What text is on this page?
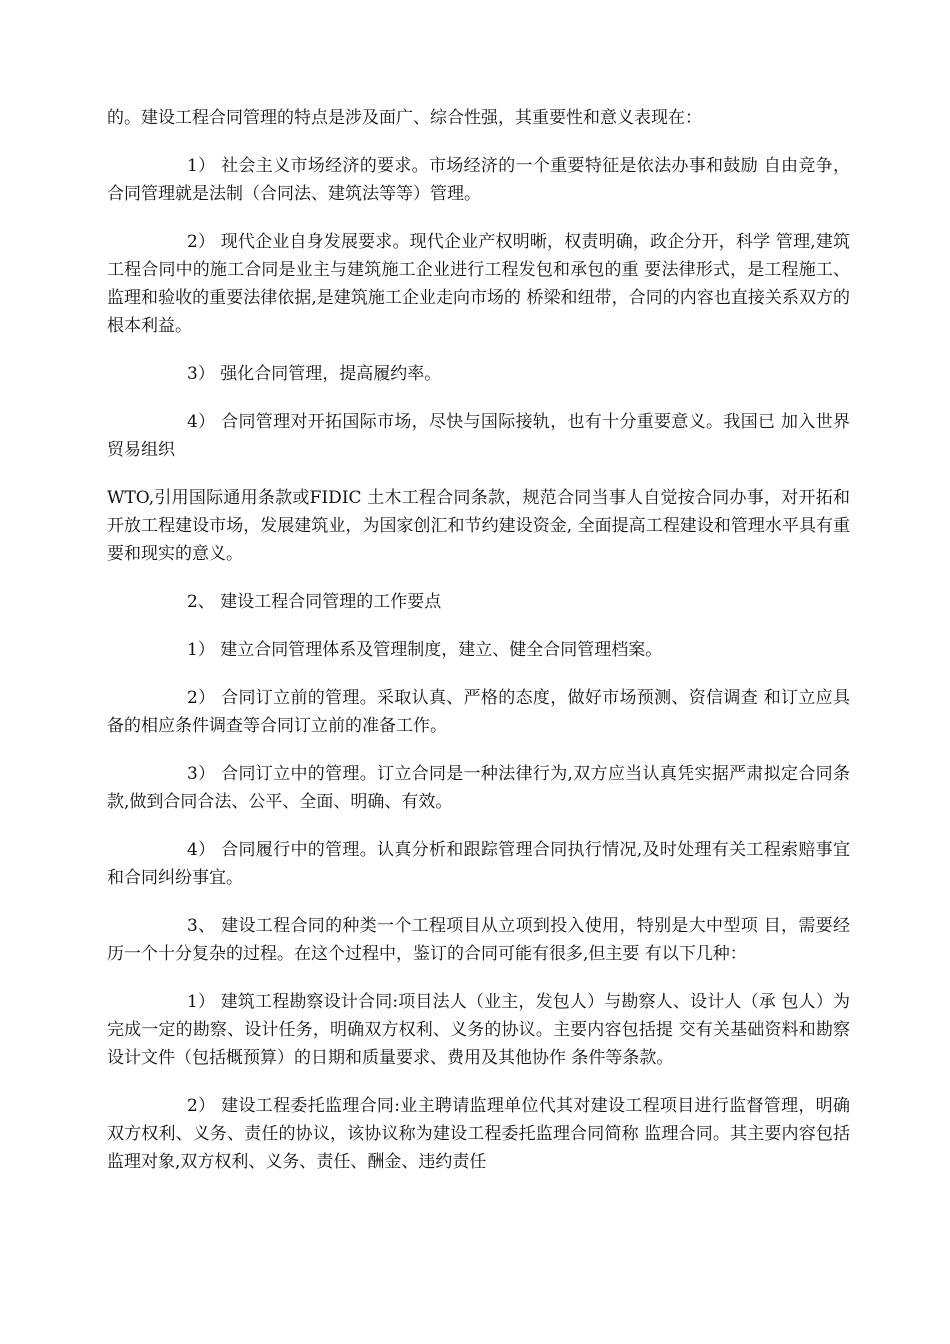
的。建设工程合同管理的特点是涉及面广、综合性强，其重要性和意义表现在：

1） 社会主义市场经济的要求。市场经济的一个重要特征是依法办事和鼓励 自由竞争，合同管理就是法制（合同法、建筑法等等）管理。

2） 现代企业自身发展要求。现代企业产权明晰，权责明确，政企分开，科学 管理,建筑工程合同中的施工合同是业主与建筑施工企业进行工程发包和承包的重 要法律形式，是工程施工、监理和验收的重要法律依据,是建筑施工企业走向市场的 桥梁和纽带，合同的内容也直接关系双方的根本利益。

3） 强化合同管理，提高履约率。

4） 合同管理对开拓国际市场，尽快与国际接轨，也有十分重要意义。我国已 加入世界贸易组织

WTO,引用国际通用条款或FIDIC 土木工程合同条款，规范合同当事人自觉按合同办事，对开拓和开放工程建设市场，发展建筑业，为国家创汇和节约建设资金, 全面提高工程建设和管理水平具有重要和现实的意义。

2、 建设工程合同管理的工作要点

1） 建立合同管理体系及管理制度，建立、健全合同管理档案。

2） 合同订立前的管理。采取认真、严格的态度，做好市场预测、资信调查 和订立应具备的相应条件调查等合同订立前的准备工作。

3） 合同订立中的管理。订立合同是一种法律行为,双方应当认真凭实据严肃拟定合同条款,做到合同合法、公平、全面、明确、有效。

4） 合同履行中的管理。认真分析和跟踪管理合同执行情况,及时处理有关工程索赔事宜和合同纠纷事宜。

3、 建设工程合同的种类一个工程项目从立项到投入使用，特别是大中型项 目，需要经历一个十分复杂的过程。在这个过程中，鉴订的合同可能有很多,但主要 有以下几种：

1） 建筑工程勘察设计合同:项目法人（业主，发包人）与勘察人、设计人（承 包人）为完成一定的勘察、设计任务，明确双方权利、义务的协议。主要内容包括提 交有关基础资料和勘察设计文件（包括概预算）的日期和质量要求、费用及其他协作 条件等条款。

2） 建设工程委托监理合同:业主聘请监理单位代其对建设工程项目进行监督管理，明确双方权利、义务、责任的协议，该协议称为建设工程委托监理合同简称 监理合同。其主要内容包括监理对象,双方权利、义务、责任、酬金、违约责任
